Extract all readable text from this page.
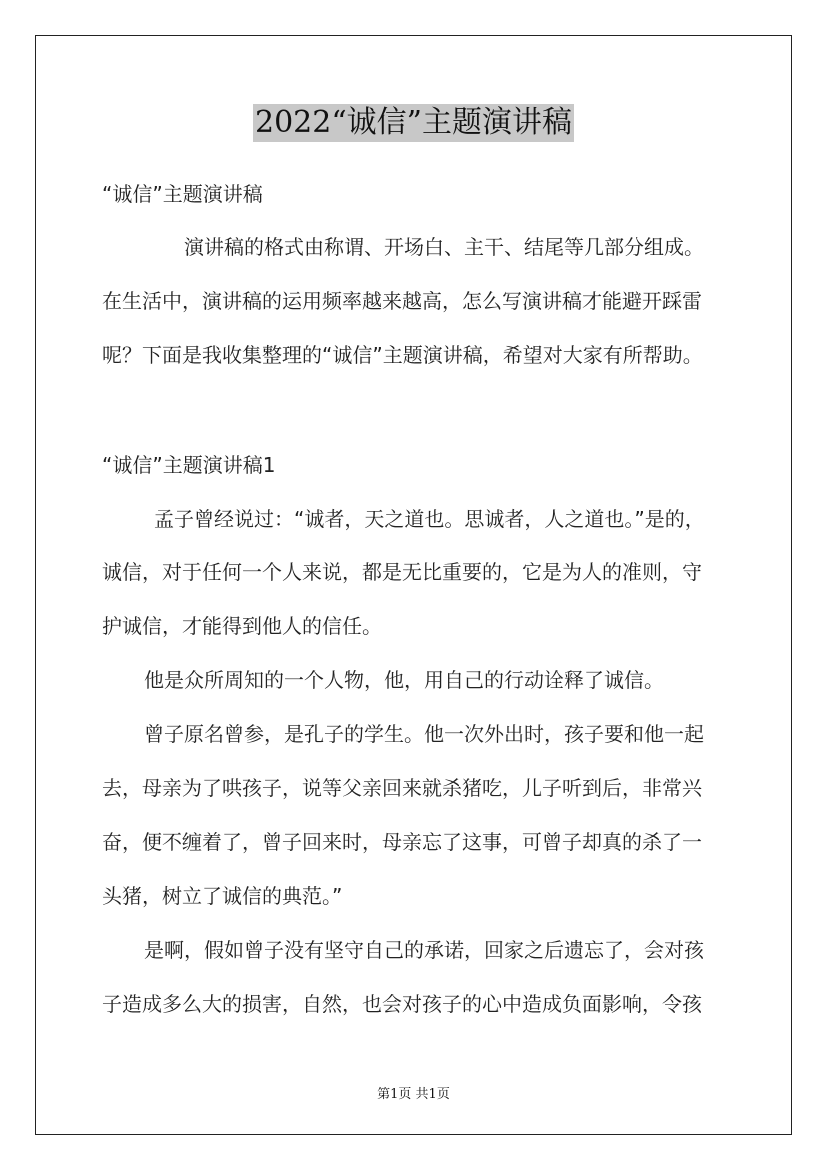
2022“诚信”主题演讲稿

“诚信”主题演讲稿

演讲稿的格式由称谓、开场白、主干、结尾等几部分组成。

在生活中，演讲稿的运用频率越来越高，怎么写演讲稿才能避开踩雷

呢？下面是我收集整理的“诚信”主题演讲稿，希望对大家有所帮助。

“诚信”主题演讲稿1

孟子曾经说过：“诚者，天之道也。思诚者，人之道也。”是的，

诚信，对于任何一个人来说，都是无比重要的，它是为人的准则，守

护诚信，才能得到他人的信任。

他是众所周知的一个人物，他，用自己的行动诠释了诚信。

曾子原名曾参，是孔子的学生。他一次外出时，孩子要和他一起

去，母亲为了哄孩子，说等父亲回来就杀猪吃，儿子听到后，非常兴

奋，便不缠着了，曾子回来时，母亲忘了这事，可曾子却真的杀了一

头猪，树立了诚信的典范。”

是啊，假如曾子没有坚守自己的承诺，回家之后遗忘了，会对孩

子造成多么大的损害，自然，也会对孩子的心中造成负面影响，令孩

第1页 共1页
